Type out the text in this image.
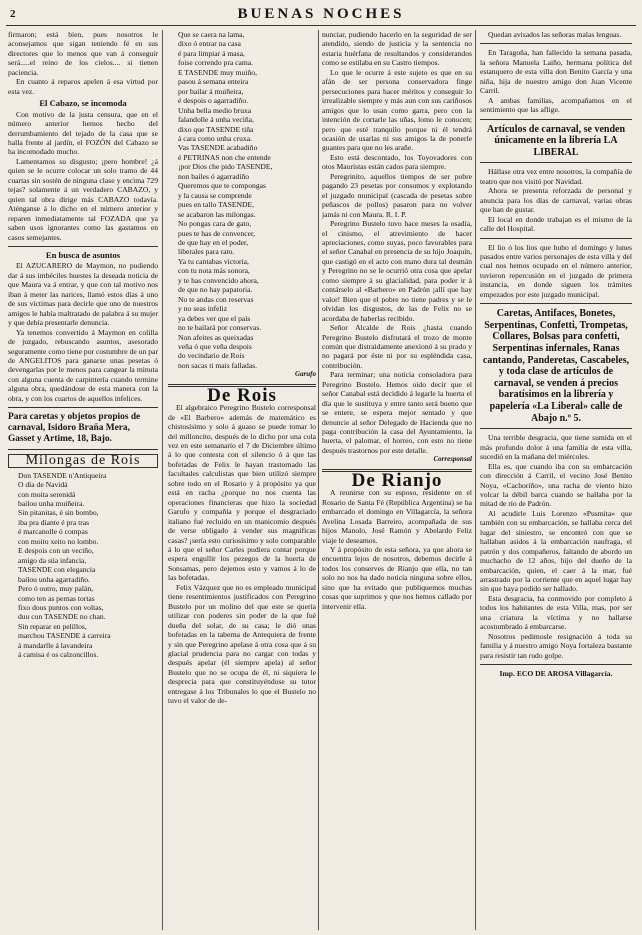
2	BUENAS NOCHES

firmaron; está bien, pues nosotros le aconsejamos que sigan teniendo fé en sus directores que lo menos que van á conseguir será.....el reino de los cielos.... si tienen paciencia.

En cuanto á reparos apelen á esa virtud por esta vez.

El Cabazo, se incomoda

Con motivo de la justa censura, que en el número anterior hemos hecho del derrumbamiento del tejado de la casa que se halla frente al jardín, el FOZÓN del Cabazo se ha incomodado mucho.

Lamentamos su disgusto; ¡pero hombre! ¿á quien se le ocurre colocar un solo tramo de 44 cuartas sin sostén de ninguna clase y encima 729 tejas? solamente á un verdadero CABAZO, y quien tal obra dirige más CABAZO todavía. Aténganse á lo dicho en el número anterior y reparen inmediatamente tal FOZADA que ya saben usos ignorantes como las gastamos en casos semejantes.

En busca de asuntos

El AZUCARERO de Maymon, no pudiendo dar á sus imbéciles huestes la deseada noticia de que Maura va á entrar, y que con tal motivo nos iban á meter las narices, llamó estos días á uno de sus víctimas para decirle que uno de nuestros amigos le había maltratado de palabra á su mujer y que debía presentarle denuncia.

Ya tenemos convertido á Maymon en colilla de juzgado, rebuscando asuntos, asesorado seguramente como tiene por costumbre de un par de ANGELITOS para ganarse unas pesetas ó devengarlas por le menos para cangear la minuta con alguna cuenta de carpintería cuando termine alguna obra, quedándose de esta manera con la obra, y con los cuartos de aquellos infelices.

Para caretas y objetos propios de carnaval, Isidoro Braña Mera, Gasset y Artime, 18, Bajo.
Milongas de Rois
Don TASENDE n'Antiqueira
O día de Navidá
con moita serenidá
bailou unha muiñeira.
Sin pitanitas, é sin bombo,
iba pra diante é pra tras
é marcanolle ó compas
con moito xeito no lombo.
E despois con un veciño,
amigo da súa infancia,
TASENDE con elegancia
bailou unha agarradiño.
Pero ó outro, muy palán,
como ten as pernas tortas
fixo dous puntos con voltas,
duu con TASENDE no chan.
Sin reparar en pelillos,
marchou TASENDE á carreira
á mandarlle á lavandeira
á camisa é os calzoncillos.
Que se caera na lama,
dixo ó entrar na casa
é para limpiar á masa,
foise correndo pra cama.
E TASENDE muy muiño,
pasou á semana enteira
por bailar á muiñeira,
é despois o agarradiño.
Unha bella medio bruxa
falandolle á unha veciña,
dixo que TASENDE tiña
á cara como unha cruxa.
Vas TASENDE acabadiño
é PETRINAS non che entende
¡por Dios che pido TASENDE,
non bailes ó agarradiño
Queremos que te compongas
y la causa se comprende
pues en tallo TASENDE,
se acabaron las milongas.
No pongas cara de gato,
pues te has de convencer,
de que hay en el poder,
liberales para rato.
Ya tu cantabas victoria,
con tu nota más sonora,
y te has convencido ahora,
de que no hay papatoria.
No te andas con reservas
y no seas infeliz
ya debes ver que el país
no te bailará por conservas.
Non afeites as queixadas
veña ó que veña despois
do vecindario de Rois
non sacas ti mais falladas.
Garufo
De Rois

El algebraico Peregrino Bustelo corresponsal de «El Barbero» además de matemático es chistosísimo y solo á guaso se puede tomar lo del milloncito, después de lo dicho por una cola vez en este semanario el 7 de Diciembre último á lo que contesta con el silencio ó á que las bofetadas de Felix le hayan trastornado las facultades calculistas que bien utilizó siempre sobre todo en el Rosario y á propósito ya que está en racha ¿porque no nos cuenta las operaciones financieras que hizo la sociedad Garufo y compañía y porque el desgraciado italiano fué recluido en un manicomio después de verse obligado á vender sus magnificas casas? ¡sería esto curiosísimo y solo comparable á lo que el señor Carles pudiera contar porque espera engullir los pezegos de la huerta de Sonsamas, pero dejemos esto y vamos á lo de las bofetadas.

Felix Vázquez que no es empleado municipal tiene resentimientos justificados con Peregrino Bustelo por un molino del que este se quería utilizar con poderes sin poder de la que fué dueña del solar, de su casa; le dió unas bofetadas en la taberna de Antequiera de frente y sin que Peregrino apelase á otra cosa que á su glacial prudencia para no cargar con todas y después apelar (él siempre apela) al señor Bustelo que no se ocupa de él, ni siquiera le desprecia para que constituyéndose su tutor entregase á los Tribunales lo que el Bustelo no tuvo el valor de de-

nunciar, pudiendo hacerlo en la seguridad de ser atendido, siendo de justicia y la sentencia no estaria huérfana de resultandos y considerandos como se estilaba en su Castro tiempos.

Lo que le ocurre á este sujeto es que en su afán de ser persona conservadora finge persecuciones para hacer méritos y conseguir lo irrealizable siempre y más aun con sus cariñosos amigos que lo usan como garra, pero con la intención de cortarle las uñas, lomo le conocen; pero que esté tranquilo porque ni él tendrá ocasión de usarlas ni sus amigos la de ponerle guantes para que no les arañe.

Esto está descontado, los Toyovadores con otos Mauristas están cados para siempre.

Peregrinito, aquellos tiempos de ser pobre pagando 23 pesetas por consumos y explotando el juzgado municipal (cascada de pesetas sobre peñascos de pollos) pasaron para no volver jamás ni con Maura. R. I. P.

Peregrino Bustelo tuvo hace meses la osadía, el cinismo, el atrevimiento de hacer apreciaciones, como suyas, poco favorables para el señor Canabal en presencia de su hijo Joaquín, que castigó en el acto con mano dura tal desmán y Peregrino no se le ocurrió otra cosa que apelar como siempre á su glacialidad, para poder ir á contárselo al «Barbero» en Padrón ¡allí que hay valor! Bien que el pobre no tiene padres y se le olvidan los disgustos, de las de Felix no se acordaba de haberlas recibido.

Señor Alcalde de Rois ¿hasta cuando Peregrino Bustelo disfrutará el trozo de monte común que distraidamente anexionó á su prado y no pagará por éste ni por su espléndida casa, contribución.

Para terminar; una noticia consoladora para Peregrino Bustelo. Hemos oido decir que el señor Canabal está decidido á legarle la huerta el día que le sustituya y entre tanto será bueno que se entere, se espera mejor sentado y que denuncie al señor Delegado de Hacienda que no paga contribución la casa del Ayuntamiento, la huerta, el palomar, el horreo, con esto no tiene después trastornos por este detalle.

Corresponsal
De Rianjo

A reunirse con su esposo, residente en el Rosario de Santa Fé (República Argentina) se ha embarcado el domingo en Villagarcía, la señora Avelina Losada Barreiro, acompañada de sus hijos Manolo, José Ramón y Abelardo Feliz viaje le deseamos.

Y á propósito de esta señora, ya que ahora se encuentra lejos de nosotros, debemos decirle á todos los conserves de Rianjo que ella, no tan solo no nos ha dado noticia ninguna sobre ellos, sino que ha evitado que publiquemos muchas cosas que suprimos y que nos hemos callado por intervenir ella.

Quedan avisados las señoras malas lenguas.

En Taragoña, han fallecido la semana pasada, la señora Manuela Laiño, hermana política del estanquero de esta villa don Benito García y una niña, hija de nuestro amigo don Juan Vicente Carril.

A ambas familias, acompañamos en el sentimiento que las aflige.

Artículos de carnaval, se venden únicamente en la librería LA LIBERAL

Hállase otra vez entre nosotros, la compañía de teatro que nos visitó por Navidad.

Ahora se presenta reforzada de personal y anuncia para los días de carnaval, varias obras que han de gustar.

El local en donde trabajan es el mismo de la calle del Hospital.

El lio ó los lios que hubo el domingo y lunes pasados entre varios personajes de esta villa y del cual nos hemos ocupado en el número anterior, tuvieron repercusión en el juzgado de primera instancia, en donde siguen los trámites empezados por este juzgado municipal.

Caretas, Antifaces, Bonetes, Serpentinas, Confetti, Trompetas, Collares, Bolsas para confetti, Serpentinas infernales, Ranas cantando, Panderetas, Cascabeles, y toda clase de artículos de carnaval, se venden á precios baratísimos en la librería y papelería «La Liberal» calle de Abajo n.º 5.

Una terrible desgracia, que tiene sumida en el más profundo dolor á una familia de esta villa, sucedió en la mañana del miércoles.

Ella es, que cuando iba con su embarcación con dirección á Carril, el vecino José Benito Noya, «Cachoriño», una racha de viento hizo volcar la débil barca cuando se hallaba por la mitad de río de Padrón.

Al acudirle Luis Lorenzo «Pusmita» que también con su embarcación, se hallaba cerca del lugar del siniestro, se encontró con que se hallaban asidos á la embarcación naufraga, el patrón y dos compañeros, faltando de abordo un muchacho de 12 años, hijo del dueño de la embarcación, quien, el caer á la mar, fué arrastrado por la corriente que en aquel lugar hay sin que haya podido ser hallado.

Esta desgracia, ha conmovido por completo á todos los habitantes de esta Villa, mas, por ser una criatura la víctima y no hallarse acostumbrado á embarcarse.

Nosotros pedimosle resignación á toda su familia y á nuestro amigo Noya fortaleza bastante para resistir tan rudo golpe.

Imp. ECO DE AROSA Villagarcía.
